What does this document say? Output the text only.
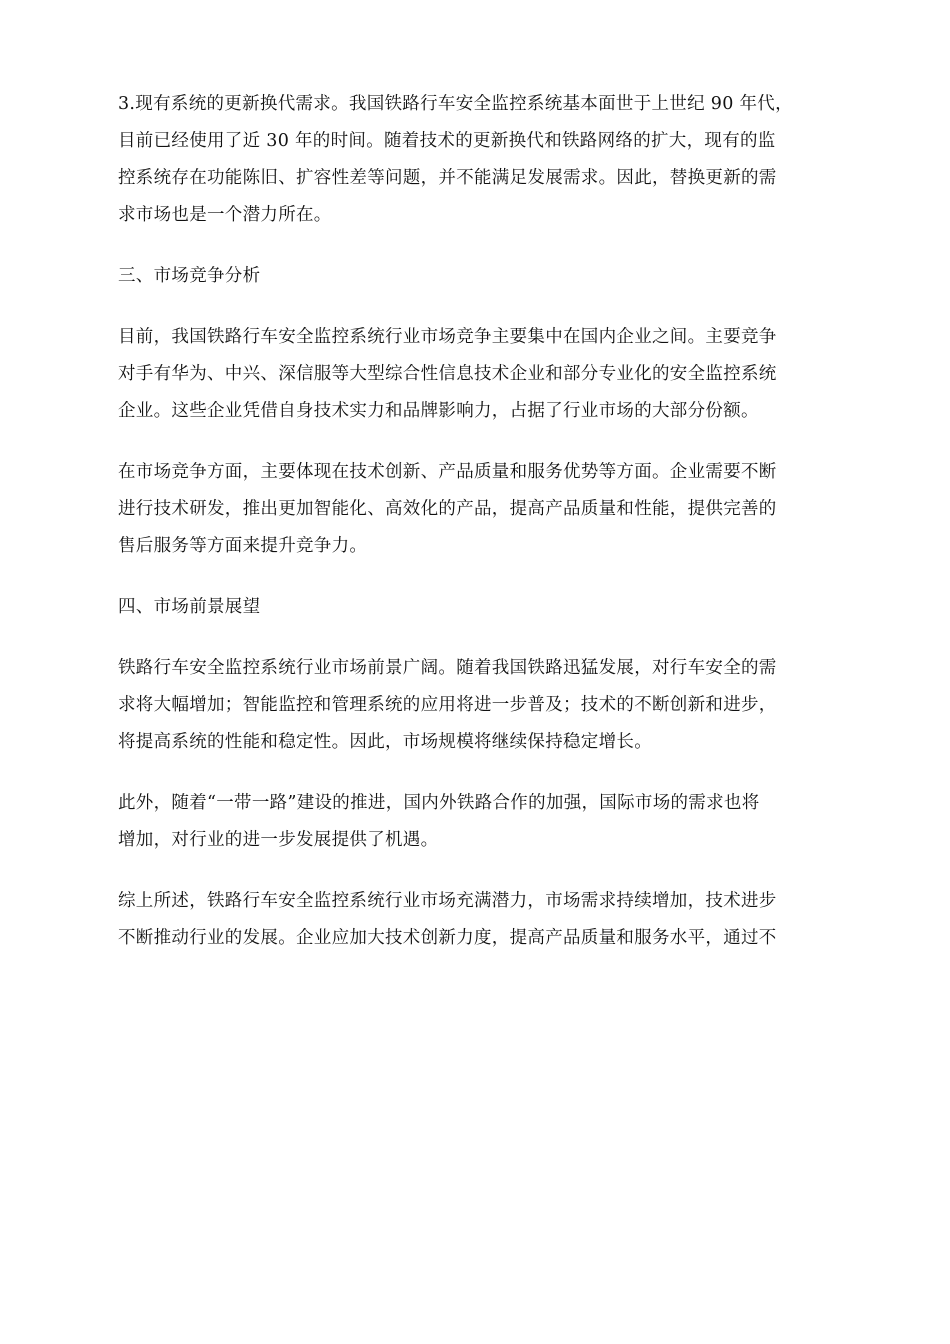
3.现有系统的更新换代需求。我国铁路行车安全监控系统基本面世于上世纪 90 年代，
目前已经使用了近 30 年的时间。随着技术的更新换代和铁路网络的扩大，现有的监
控系统存在功能陈旧、扩容性差等问题，并不能满足发展需求。因此，替换更新的需
求市场也是一个潜力所在。

三、市场竞争分析

目前，我国铁路行车安全监控系统行业市场竞争主要集中在国内企业之间。主要竞争
对手有华为、中兴、深信服等大型综合性信息技术企业和部分专业化的安全监控系统
企业。这些企业凭借自身技术实力和品牌影响力，占据了行业市场的大部分份额。

在市场竞争方面，主要体现在技术创新、产品质量和服务优势等方面。企业需要不断
进行技术研发，推出更加智能化、高效化的产品，提高产品质量和性能，提供完善的
售后服务等方面来提升竞争力。

四、市场前景展望

铁路行车安全监控系统行业市场前景广阔。随着我国铁路迅猛发展，对行车安全的需
求将大幅增加；智能监控和管理系统的应用将进一步普及；技术的不断创新和进步，
将提高系统的性能和稳定性。因此，市场规模将继续保持稳定增长。

此外，随着“一带一路”建设的推进，国内外铁路合作的加强，国际市场的需求也将
增加，对行业的进一步发展提供了机遇。

综上所述，铁路行车安全监控系统行业市场充满潜力，市场需求持续增加，技术进步
不断推动行业的发展。企业应加大技术创新力度，提高产品质量和服务水平，通过不
